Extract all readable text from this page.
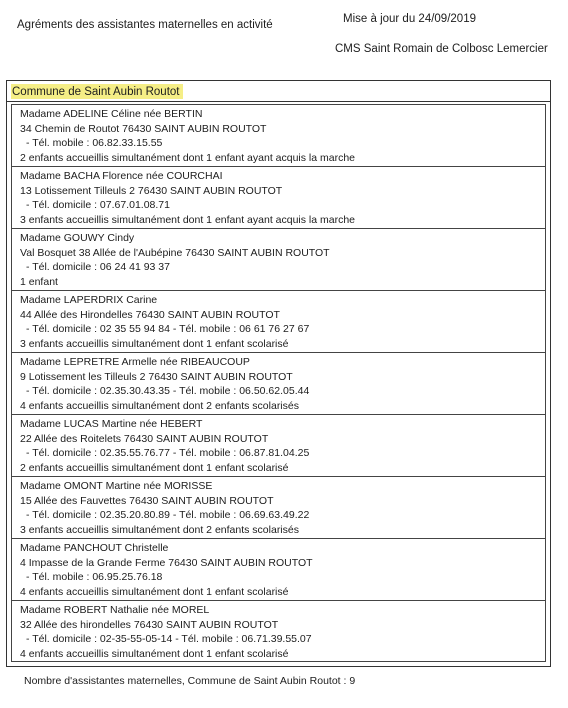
Agréments des assistantes maternelles en activité	Mise à jour du 24/09/2019
CMS Saint Romain de Colbosc Lemercier
Commune de Saint Aubin Routot
Madame ADELINE Céline née BERTIN
34 Chemin de Routot 76430 SAINT AUBIN ROUTOT
- Tél. mobile : 06.82.33.15.55
2 enfants accueillis simultanément dont 1 enfant ayant acquis la marche
Madame BACHA Florence née COURCHAI
13 Lotissement Tilleuls 2 76430 SAINT AUBIN ROUTOT
- Tél. domicile : 07.67.01.08.71
3 enfants accueillis simultanément dont 1 enfant ayant acquis la marche
Madame GOUWY Cindy
Val Bosquet 38 Allée de l'Aubépine 76430 SAINT AUBIN ROUTOT
- Tél. domicile : 06 24 41 93 37
1 enfant
Madame LAPERDRIX Carine
44 Allée des Hirondelles 76430 SAINT AUBIN ROUTOT
- Tél. domicile : 02 35 55 94 84 - Tél. mobile : 06 61 76 27 67
3 enfants accueillis simultanément dont 1 enfant scolarisé
Madame LEPRETRE Armelle née RIBEAUCOUP
9 Lotissement les Tilleuls 2 76430 SAINT AUBIN ROUTOT
- Tél. domicile : 02.35.30.43.35 - Tél. mobile : 06.50.62.05.44
4 enfants accueillis simultanément dont 2 enfants scolarisés
Madame LUCAS Martine née HEBERT
22 Allée des Roitelets 76430 SAINT AUBIN ROUTOT
- Tél. domicile : 02.35.55.76.77 - Tél. mobile : 06.87.81.04.25
2 enfants accueillis simultanément dont 1 enfant scolarisé
Madame OMONT Martine née MORISSE
15 Allée des Fauvettes 76430 SAINT AUBIN ROUTOT
- Tél. domicile : 02.35.20.80.89 - Tél. mobile : 06.69.63.49.22
3 enfants accueillis simultanément dont 2 enfants scolarisés
Madame PANCHOUT Christelle
4 Impasse de la Grande Ferme 76430 SAINT AUBIN ROUTOT
- Tél. mobile : 06.95.25.76.18
4 enfants accueillis simultanément dont 1 enfant scolarisé
Madame ROBERT Nathalie née MOREL
32 Allée des hirondelles 76430 SAINT AUBIN ROUTOT
- Tél. domicile : 02-35-55-05-14 - Tél. mobile : 06.71.39.55.07
4 enfants accueillis simultanément dont 1 enfant scolarisé
Nombre d'assistantes maternelles, Commune de Saint Aubin Routot : 9
